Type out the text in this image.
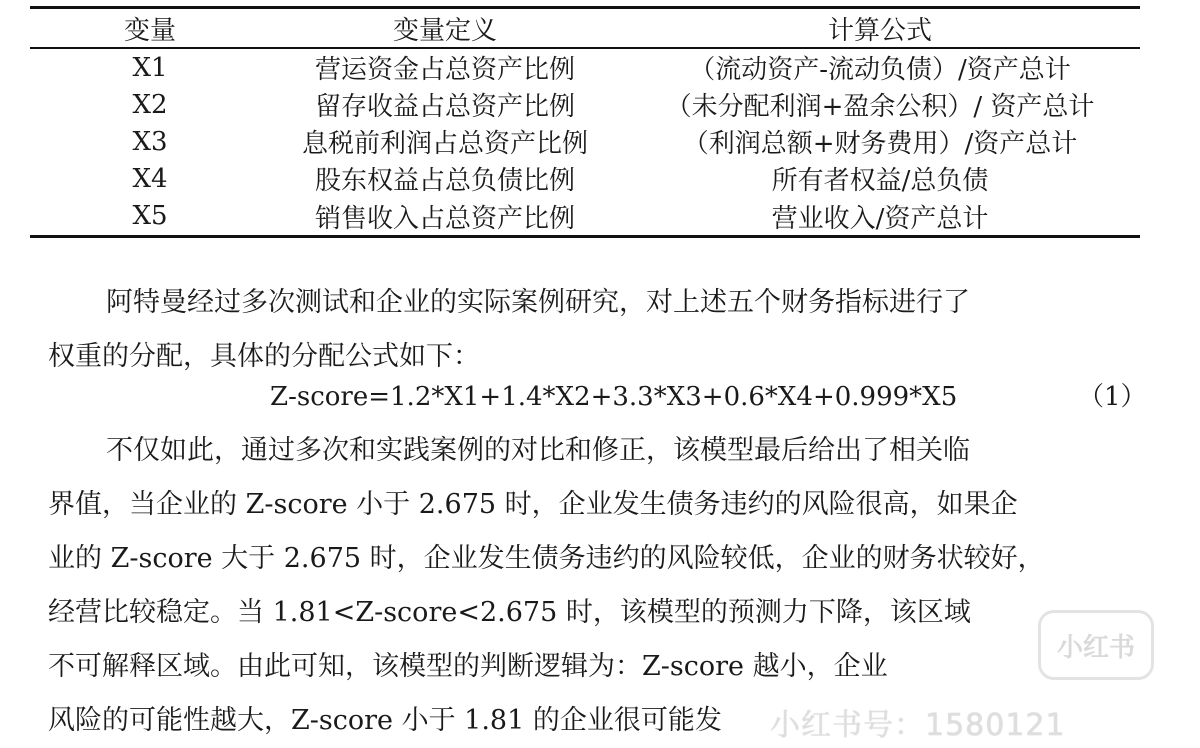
变量	变量定义	计算公式
X1	营运资金占总资产比例	（流动资产-流动负债）/资产总计
X2	留存收益占总资产比例	（未分配利润+盈余公积）/ 资产总计
X3	息税前利润占总资产比例	（利润总额+财务费用）/资产总计
X4	股东权益占总负债比例	所有者权益/总负债
X5	销售收入占总资产比例	营业收入/资产总计

阿特曼经过多次测试和企业的实际案例研究，对上述五个财务指标进行了
权重的分配，具体的分配公式如下：

Z-score=1.2*X1+1.4*X2+3.3*X3+0.6*X4+0.999*X5	（1）

不仅如此，通过多次和实践案例的对比和修正，该模型最后给出了相关临
界值，当企业的 Z-score 小于 2.675 时，企业发生债务违约的风险很高，如果企
业的 Z-score 大于 2.675 时，企业发生债务违约的风险较低，企业的财务状较好，
经营比较稳定。当 1.81<Z-score<2.675 时，该模型的预测力下降，该区域
不可解释区域。由此可知，该模型的判断逻辑为：Z-score 越小，企业
风险的可能性越大，Z-score 小于 1.81 的企业很可能发

小红书
小红书号：1580121
